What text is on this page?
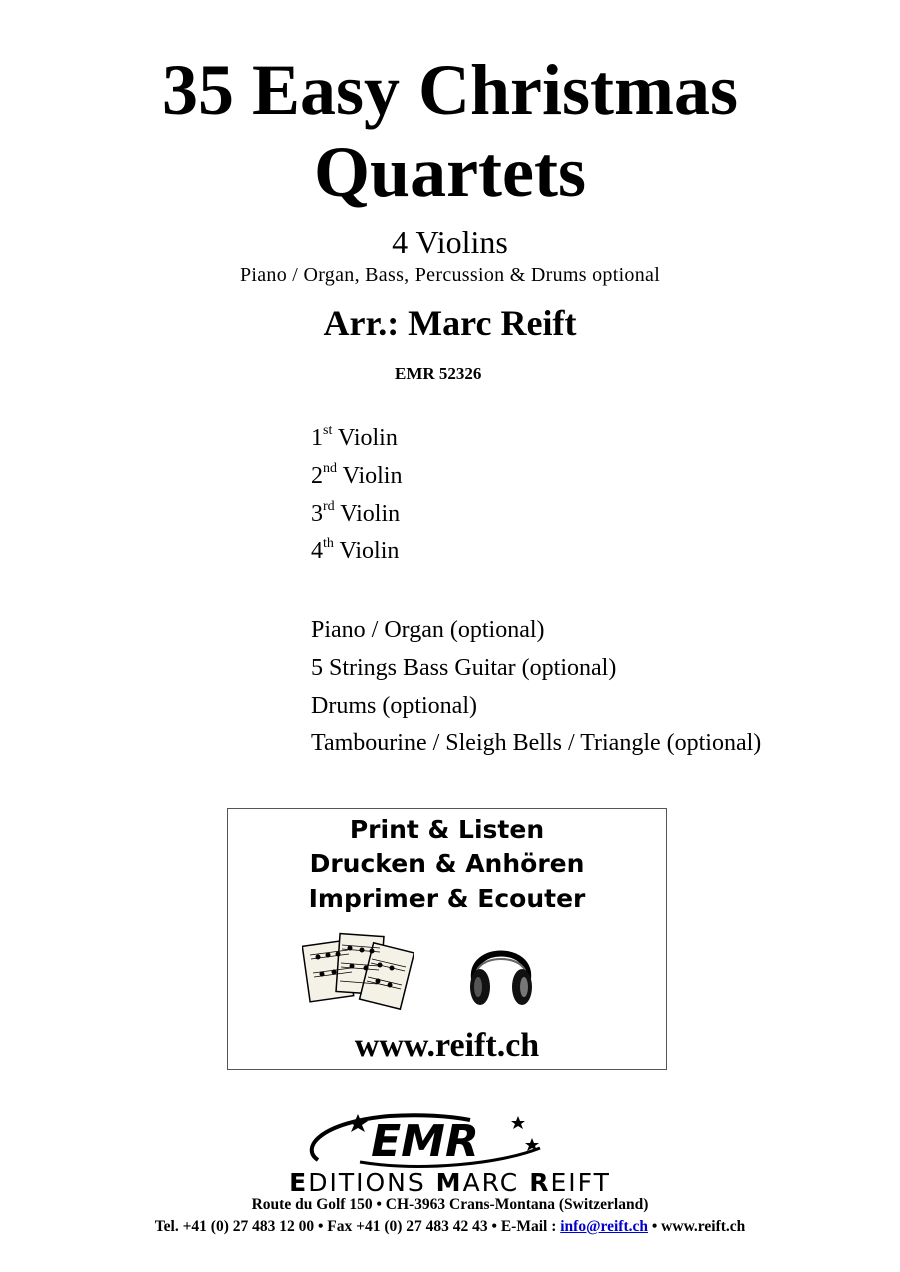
35 Easy Christmas
Quartets
4 Violins
Piano / Organ, Bass, Percussion & Drums optional
Arr.: Marc Reift
EMR 52326
1st Violin
2nd Violin
3rd Violin
4th Violin
Piano / Organ (optional)
5 Strings Bass Guitar (optional)
Drums (optional)
Tambourine / Sleigh Bells / Triangle (optional)
Print & Listen
Drucken & Anhören
Imprimer & Ecouter
www.reift.ch
EMR
EDITIONS MARC REIFT
Route du Golf 150 • CH-3963 Crans-Montana (Switzerland)
Tel. +41 (0) 27 483 12 00 • Fax +41 (0) 27 483 42 43 • E-Mail : info@reift.ch • www.reift.ch
